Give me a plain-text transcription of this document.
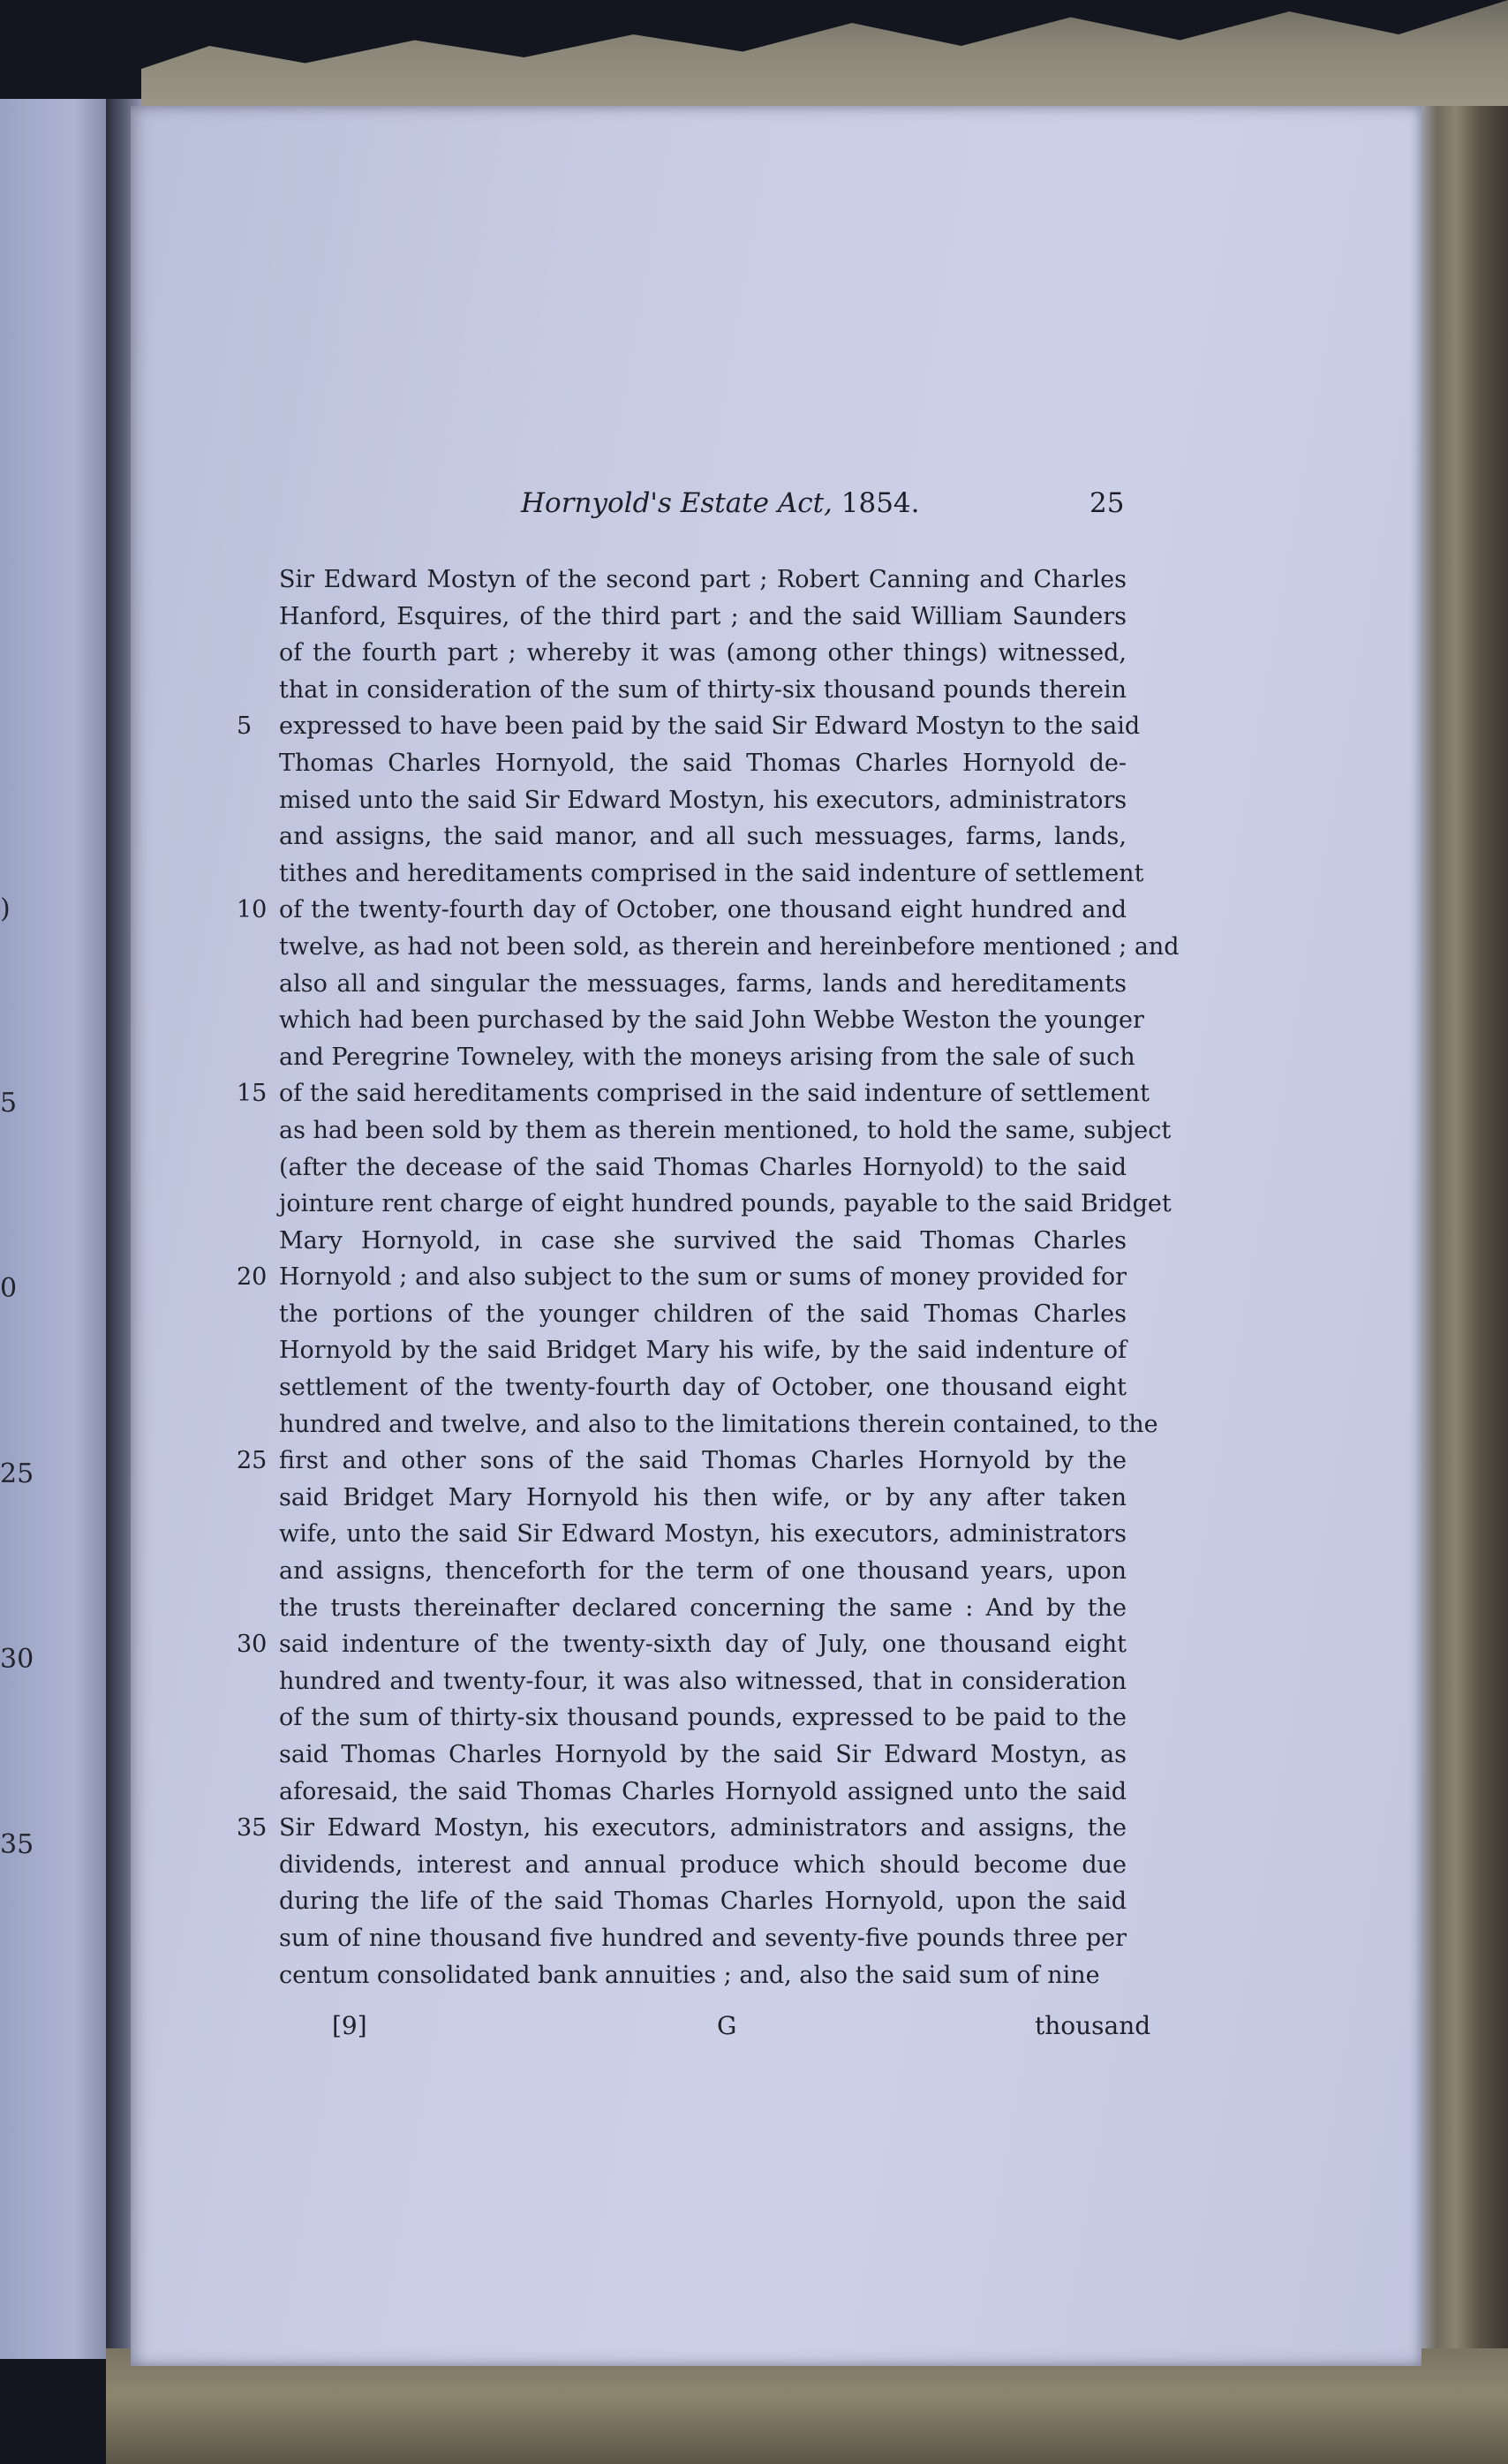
)
5
0
25
30
35
Hornyold's Estate Act, 1854.	25
5
10
15
20
25
30
35
Sir Edward Mostyn of the second part ; Robert Canning and Charles
Hanford, Esquires, of the third part ; and the said William Saunders
of the fourth part ; whereby it was (among other things) witnessed,
that in consideration of the sum of thirty-six thousand pounds therein
expressed to have been paid by the said Sir Edward Mostyn to the said
Thomas Charles Hornyold, the said Thomas Charles Hornyold de-
mised unto the said Sir Edward Mostyn, his executors, administrators
and assigns, the said manor, and all such messuages, farms, lands,
tithes and hereditaments comprised in the said indenture of settlement
of the twenty-fourth day of October, one thousand eight hundred and
twelve, as had not been sold, as therein and hereinbefore mentioned ; and
also all and singular the messuages, farms, lands and hereditaments
which had been purchased by the said John Webbe Weston the younger
and Peregrine Towneley, with the moneys arising from the sale of such
of the said hereditaments comprised in the said indenture of settlement
as had been sold by them as therein mentioned, to hold the same, subject
(after the decease of the said Thomas Charles Hornyold) to the said
jointure rent charge of eight hundred pounds, payable to the said Bridget
Mary Hornyold, in case she survived the said Thomas Charles
Hornyold ; and also subject to the sum or sums of money provided for
the portions of the younger children of the said Thomas Charles
Hornyold by the said Bridget Mary his wife, by the said indenture of
settlement of the twenty-fourth day of October, one thousand eight
hundred and twelve, and also to the limitations therein contained, to the
first and other sons of the said Thomas Charles Hornyold by the
said Bridget Mary Hornyold his then wife, or by any after taken
wife, unto the said Sir Edward Mostyn, his executors, administrators
and assigns, thenceforth for the term of one thousand years, upon
the trusts thereinafter declared concerning the same : And by the
said indenture of the twenty-sixth day of July, one thousand eight
hundred and twenty-four, it was also witnessed, that in consideration
of the sum of thirty-six thousand pounds, expressed to be paid to the
said Thomas Charles Hornyold by the said Sir Edward Mostyn, as
aforesaid, the said Thomas Charles Hornyold assigned unto the said
Sir Edward Mostyn, his executors, administrators and assigns, the
dividends, interest and annual produce which should become due
during the life of the said Thomas Charles Hornyold, upon the said
sum of nine thousand five hundred and seventy-five pounds three per
centum consolidated bank annuities ; and, also the said sum of nine
[9]	G	thousand
